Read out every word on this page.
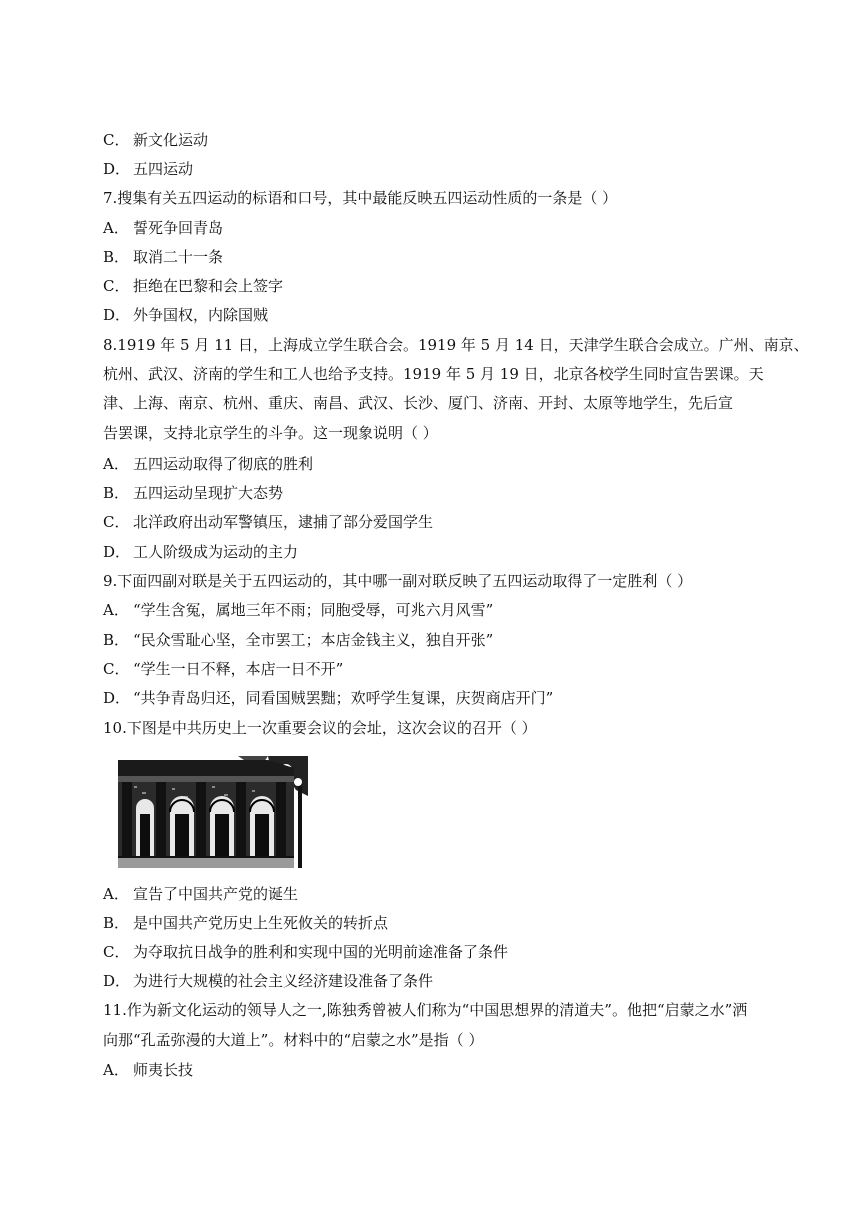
C． 新文化运动
D． 五四运动
7.搜集有关五四运动的标语和口号，其中最能反映五四运动性质的一条是（ ）
A． 誓死争回青岛
B． 取消二十一条
C． 拒绝在巴黎和会上签字
D． 外争国权，内除国贼
8.1919 年 5 月 11 日，上海成立学生联合会。1919 年 5 月 14 日，天津学生联合会成立。广州、南京、
杭州、武汉、济南的学生和工人也给予支持。1919 年 5 月 19 日，北京各校学生同时宣告罢课。天
津、上海、南京、杭州、重庆、南昌、武汉、长沙、厦门、济南、开封、太原等地学生，先后宣
告罢课，支持北京学生的斗争。这一现象说明（ ）
A． 五四运动取得了彻底的胜利
B． 五四运动呈现扩大态势
C． 北洋政府出动军警镇压，逮捕了部分爱国学生
D． 工人阶级成为运动的主力
9.下面四副对联是关于五四运动的，其中哪一副对联反映了五四运动取得了一定胜利（ ）
A． “学生含冤，属地三年不雨；同胞受辱，可兆六月风雪”
B． “民众雪耻心坚，全市罢工；本店金钱主义，独自开张”
C． “学生一日不释，本店一日不开”
D． “共争青岛归还，同看国贼罢黜；欢呼学生复课，庆贺商店开门”
10.下图是中共历史上一次重要会议的会址，这次会议的召开（ ）
A． 宣告了中国共产党的诞生
B． 是中国共产党历史上生死攸关的转折点
C． 为夺取抗日战争的胜利和实现中国的光明前途准备了条件
D． 为进行大规模的社会主义经济建设准备了条件
11.作为新文化运动的领导人之一,陈独秀曾被人们称为“中国思想界的清道夫”。他把“启蒙之水”洒
向那“孔孟弥漫的大道上”。材料中的“启蒙之水”是指（ ）
A． 师夷长技
